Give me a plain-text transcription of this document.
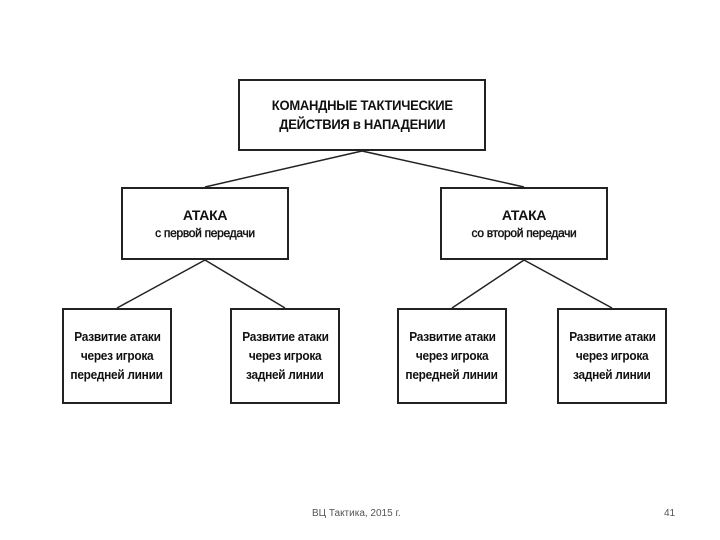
КОМАНДНЫЕ ТАКТИЧЕСКИЕ
ДЕЙСТВИЯ в НАПАДЕНИИ
АТАКА
с первой передачи
АТАКА
со второй передачи
Развитие атаки
через игрока
передней линии
Развитие атаки
через игрока
задней линии
Развитие атаки
через игрока
передней линии
Развитие атаки
через игрока
задней линии
ВЦ Тактика, 2015 г.	41
